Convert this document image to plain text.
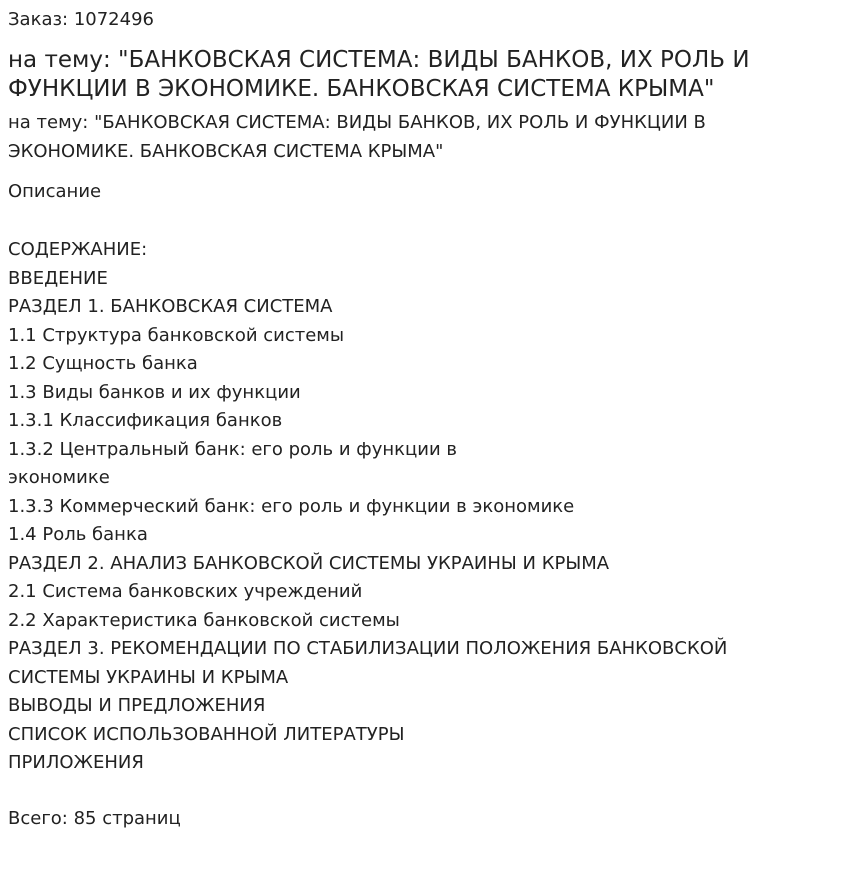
Заказ: 1072496
на тему: "БАНКОВСКАЯ СИСТЕМА: ВИДЫ БАНКОВ, ИХ РОЛЬ И ФУНКЦИИ В ЭКОНОМИКЕ. БАНКОВСКАЯ СИСТЕМА КРЫМА"
на тему: "БАНКОВСКАЯ СИСТЕМА: ВИДЫ БАНКОВ, ИХ РОЛЬ И ФУНКЦИИ В
ЭКОНОМИКЕ. БАНКОВСКАЯ СИСТЕМА КРЫМА"
Описание
СОДЕРЖАНИЕ:
ВВЕДЕНИЕ
РАЗДЕЛ 1. БАНКОВСКАЯ СИСТЕМА
1.1 Структура банковской системы
1.2 Сущность банка
1.3 Виды банков и их функции
1.3.1 Классификация банков
1.3.2 Центральный банк: его роль и функции в
экономике
1.3.3 Коммерческий банк: его роль и функции в экономике
1.4 Роль банка
РАЗДЕЛ 2. АНАЛИЗ БАНКОВСКОЙ СИСТЕМЫ УКРАИНЫ И КРЫМА
2.1 Система банковских учреждений
2.2 Характеристика банковской системы
РАЗДЕЛ 3. РЕКОМЕНДАЦИИ ПО СТАБИЛИЗАЦИИ ПОЛОЖЕНИЯ БАНКОВСКОЙ
СИСТЕМЫ УКРАИНЫ И КРЫМА
ВЫВОДЫ И ПРЕДЛОЖЕНИЯ
СПИСОК ИСПОЛЬЗОВАННОЙ ЛИТЕРАТУРЫ
ПРИЛОЖЕНИЯ
Всего: 85 страниц
